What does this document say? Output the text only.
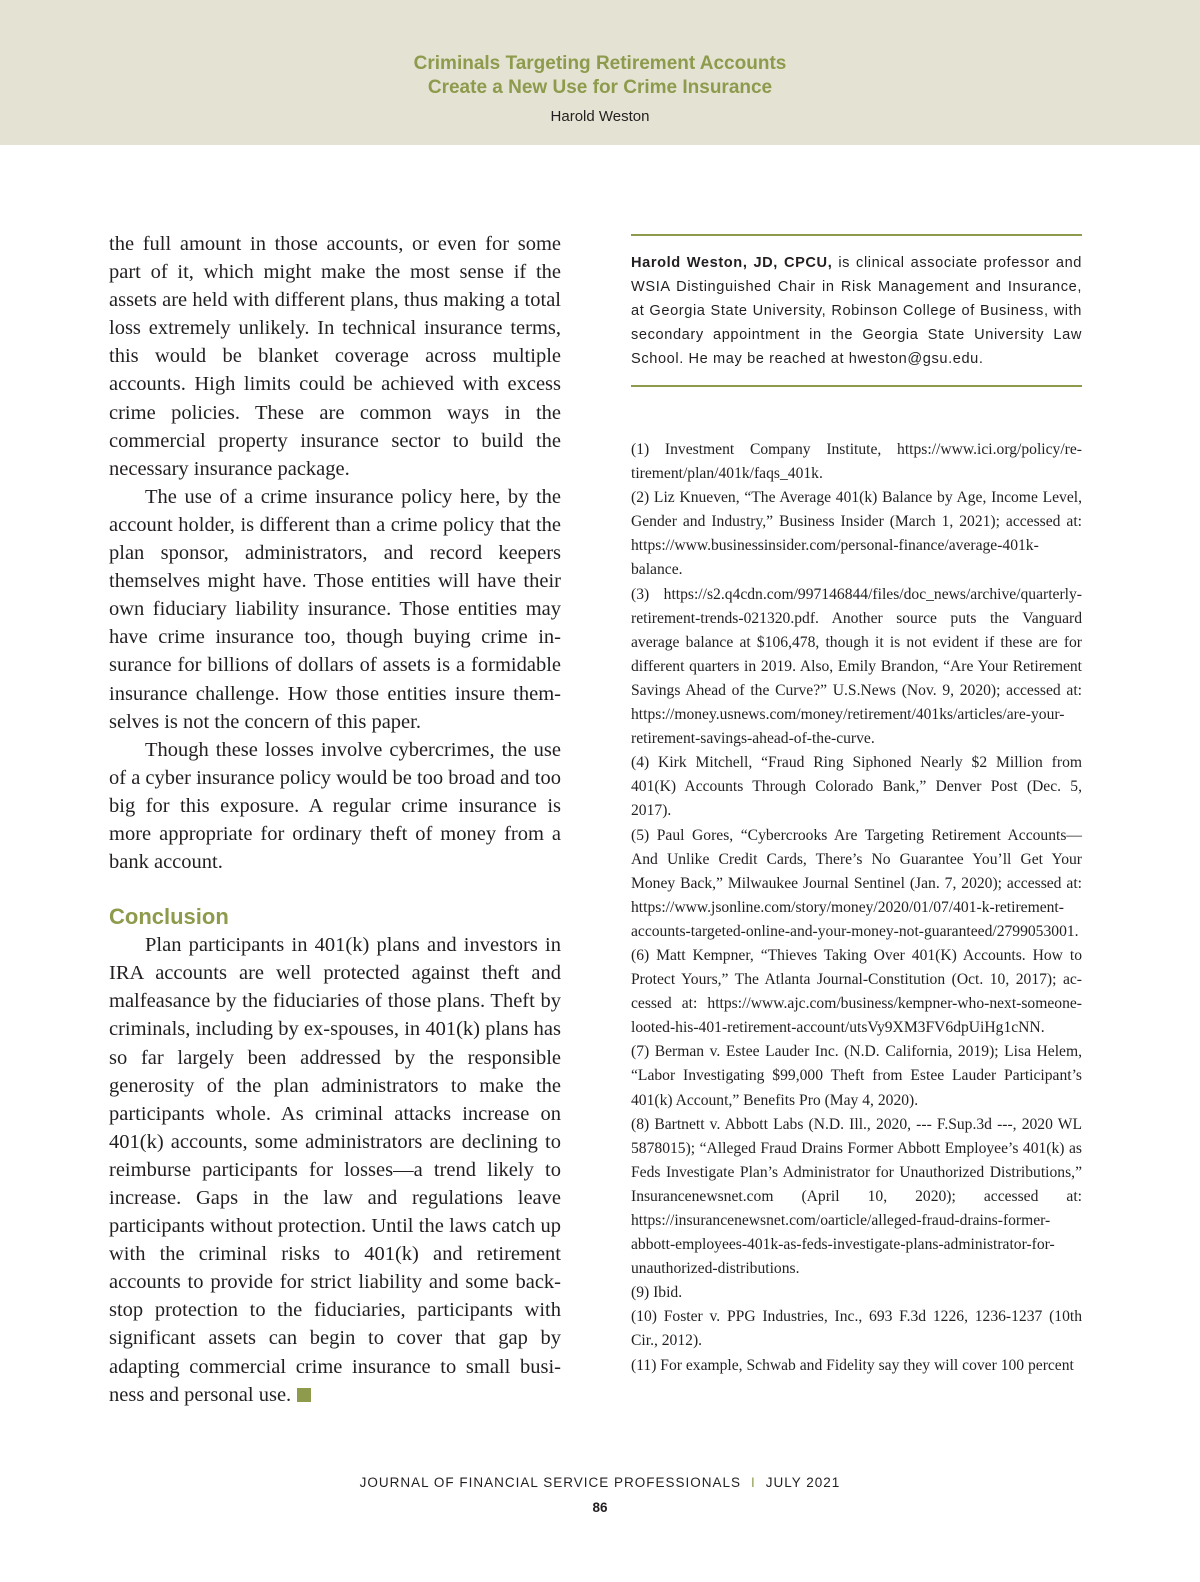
Criminals Targeting Retirement Accounts
Create a New Use for Crime Insurance
Harold Weston

the full amount in those accounts, or even for some part of it, which might make the most sense if the assets are held with different plans, thus making a total loss extremely unlikely. In technical insurance terms, this would be blanket coverage across multiple accounts. High limits could be achieved with excess crime policies. These are common ways in the commercial property insurance sector to build the necessary insurance package.

The use of a crime insurance policy here, by the account holder, is different than a crime policy that the plan sponsor, administrators, and record keepers themselves might have. Those entities will have their own fiduciary liability insurance. Those entities may have crime insurance too, though buying crime insurance for billions of dollars of assets is a formidable insurance challenge. How those entities insure themselves is not the concern of this paper.

Though these losses involve cybercrimes, the use of a cyber insurance policy would be too broad and too big for this exposure. A regular crime insurance is more appropriate for ordinary theft of money from a bank account.

Conclusion

Plan participants in 401(k) plans and investors in IRA accounts are well protected against theft and malfeasance by the fiduciaries of those plans. Theft by criminals, including by ex-spouses, in 401(k) plans has so far largely been addressed by the responsible generosity of the plan administrators to make the participants whole. As criminal attacks increase on 401(k) accounts, some administrators are declining to reimburse participants for losses—a trend likely to increase. Gaps in the law and regulations leave participants without protection. Until the laws catch up with the criminal risks to 401(k) and retirement accounts to provide for strict liability and some backstop protection to the fiduciaries, participants with significant assets can begin to cover that gap by adapting commercial crime insurance to small business and personal use.

Harold Weston, JD, CPCU, is clinical associate professor and WSIA Distinguished Chair in Risk Management and Insurance, at Georgia State University, Robinson College of Business, with secondary appointment in the Georgia State University Law School. He may be reached at hweston@gsu.edu.

(1) Investment Company Institute, https://www.ici.org/policy/retirement/plan/401k/faqs_401k.

(2) Liz Knueven, “The Average 401(k) Balance by Age, Income Level, Gender and Industry,” Business Insider (March 1, 2021); accessed at: https://www.businessinsider.com/personal-finance/average-401k-balance.

(3) https://s2.q4cdn.com/997146844/files/doc_news/archive/quarterly-retirement-trends-021320.pdf. Another source puts the Vanguard average balance at $106,478, though it is not evident if these are for different quarters in 2019. Also, Emily Brandon, “Are Your Retirement Savings Ahead of the Curve?” U.S.News (Nov. 9, 2020); accessed at: https://money.usnews.com/money/retirement/401ks/articles/are-your-retirement-savings-ahead-of-the-curve.

(4) Kirk Mitchell, “Fraud Ring Siphoned Nearly $2 Million from 401(K) Accounts Through Colorado Bank,” Denver Post (Dec. 5, 2017).

(5) Paul Gores, “Cybercrooks Are Targeting Retirement Accounts—And Unlike Credit Cards, There’s No Guarantee You’ll Get Your Money Back,” Milwaukee Journal Sentinel (Jan. 7, 2020); accessed at: https://www.jsonline.com/story/money/2020/01/07/401-k-retirement-accounts-targeted-online-and-your-money-not-guaranteed/2799053001.

(6) Matt Kempner, “Thieves Taking Over 401(K) Accounts. How to Protect Yours,” The Atlanta Journal-Constitution (Oct. 10, 2017); accessed at: https://www.ajc.com/business/kempner-who-next-someone-looted-his-401-retirement-account/utsVy9XM3FV6dpUiHg1cNN.

(7) Berman v. Estee Lauder Inc. (N.D. California, 2019); Lisa Helem, “Labor Investigating $99,000 Theft from Estee Lauder Participant’s 401(k) Account,” Benefits Pro (May 4, 2020).

(8) Bartnett v. Abbott Labs (N.D. Ill., 2020, --- F.Sup.3d ---, 2020 WL 5878015); “Alleged Fraud Drains Former Abbott Employee’s 401(k) as Feds Investigate Plan’s Administrator for Unauthorized Distributions,” Insurancenewsnet.com (April 10, 2020); accessed at: https://insurancenewsnet.com/oarticle/alleged-fraud-drains-former-abbott-employees-401k-as-feds-investigate-plans-administrator-for-unauthorized-distributions.

(9) Ibid.

(10) Foster v. PPG Industries, Inc., 693 F.3d 1226, 1236-1237 (10th Cir., 2012).

(11) For example, Schwab and Fidelity say they will cover 100 percent

JOURNAL OF FINANCIAL SERVICE PROFESSIONALS I JULY 2021
86
